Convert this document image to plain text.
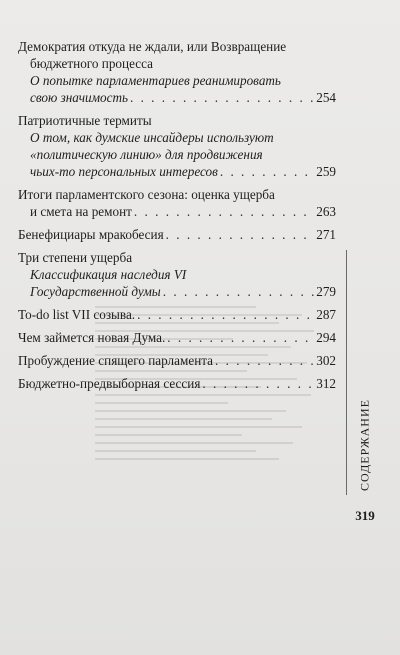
Демократия откуда не ждали, или Возвращение
бюджетного процесса
О попытке парламентариев реанимировать
свою значимость . . .	254
Патриотичные термиты
О том, как думские инсайдеры используют
«политическую линию» для продвижения
чьих-то персональных интересов . . .	259
Итоги парламентского сезона: оценка ущерба
и смета на ремонт . . .	263
Бенефициары мракобесия . . .	271
Три степени ущерба
Классификация наследия VI
Государственной думы . . .	279
To-do list VII созыва. . . .	287
Чем займется новая Дума. . . .	294
Пробуждение спящего парламента . . .	302
Бюджетно-предвыборная сессия . . .	312
СОДЕРЖАНИЕ
319
